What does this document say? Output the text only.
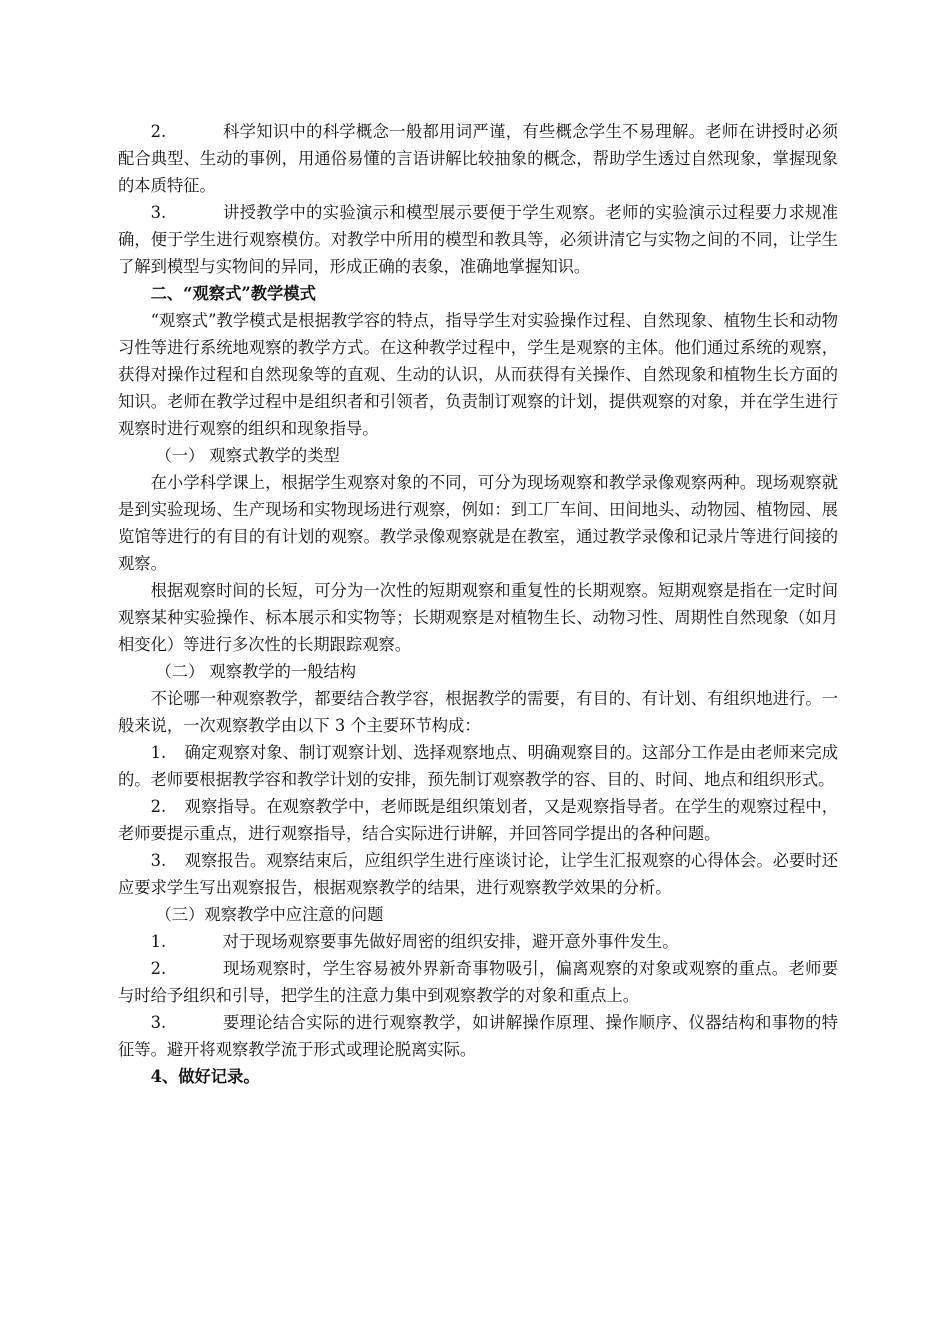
2.	科学知识中的科学概念一般都用词严谨，有些概念学生不易理解。老师在讲授时必须配合典型、生动的事例，用通俗易懂的言语讲解比较抽象的概念，帮助学生透过自然现象，掌握现象的本质特征。

3.	讲授教学中的实验演示和模型展示要便于学生观察。老师的实验演示过程要力求规准确，便于学生进行观察模仿。对教学中所用的模型和教具等，必须讲清它与实物之间的不同，让学生了解到模型与实物间的异同，形成正确的表象，准确地掌握知识。

二、“观察式”教学模式

“观察式”教学模式是根据教学容的特点，指导学生对实验操作过程、自然现象、植物生长和动物习性等进行系统地观察的教学方式。在这种教学过程中，学生是观察的主体。他们通过系统的观察，获得对操作过程和自然现象等的直观、生动的认识，从而获得有关操作、自然现象和植物生长方面的知识。老师在教学过程中是组织者和引领者，负责制订观察的计划，提供观察的对象，并在学生进行观察时进行观察的组织和现象指导。

（一） 观察式教学的类型

在小学科学课上，根据学生观察对象的不同，可分为现场观察和教学录像观察两种。现场观察就是到实验现场、生产现场和实物现场进行观察，例如：到工厂车间、田间地头、动物园、植物园、展览馆等进行的有目的有计划的观察。教学录像观察就是在教室，通过教学录像和记录片等进行间接的观察。

根据观察时间的长短，可分为一次性的短期观察和重复性的长期观察。短期观察是指在一定时间观察某种实验操作、标本展示和实物等；长期观察是对植物生长、动物习性、周期性自然现象（如月相变化）等进行多次性的长期跟踪观察。

（二） 观察教学的一般结构

不论哪一种观察教学，都要结合教学容，根据教学的需要，有目的、有计划、有组织地进行。一般来说，一次观察教学由以下 3 个主要环节构成：

1. 确定观察对象、制订观察计划、选择观察地点、明确观察目的。这部分工作是由老师来完成的。老师要根据教学容和教学计划的安排，预先制订观察教学的容、目的、时间、地点和组织形式。

2. 观察指导。在观察教学中，老师既是组织策划者，又是观察指导者。在学生的观察过程中，老师要提示重点，进行观察指导，结合实际进行讲解，并回答同学提出的各种问题。

3. 观察报告。观察结束后，应组织学生进行座谈讨论，让学生汇报观察的心得体会。必要时还应要求学生写出观察报告，根据观察教学的结果，进行观察教学效果的分析。

（三）观察教学中应注意的问题

1.	对于现场观察要事先做好周密的组织安排，避开意外事件发生。

2.	现场观察时，学生容易被外界新奇事物吸引，偏离观察的对象或观察的重点。老师要与时给予组织和引导，把学生的注意力集中到观察教学的对象和重点上。

3.	要理论结合实际的进行观察教学，如讲解操作原理、操作顺序、仪器结构和事物的特征等。避开将观察教学流于形式或理论脱离实际。

4、做好记录。
